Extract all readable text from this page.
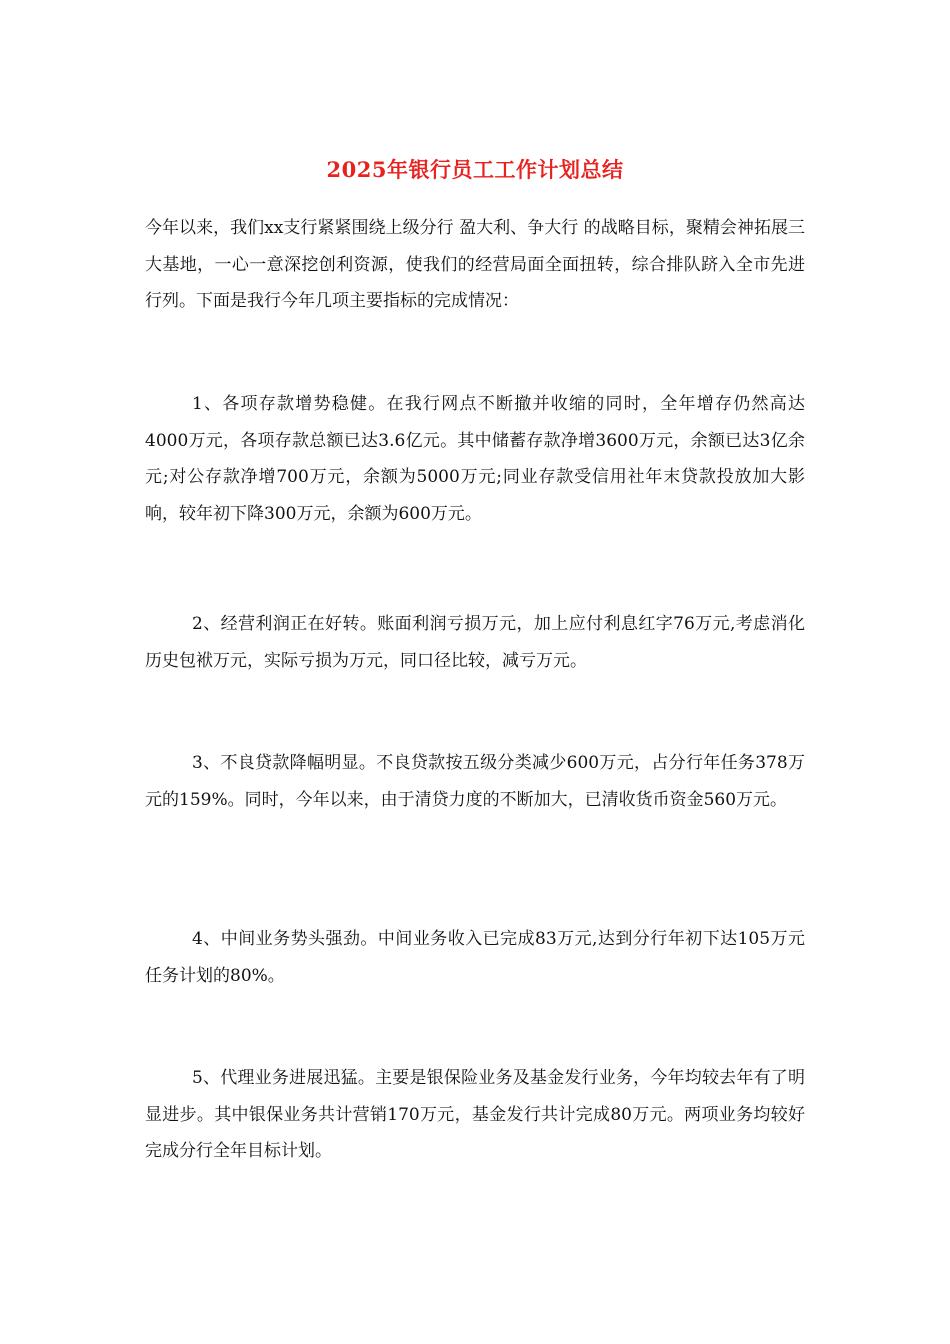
2025年银行员工工作计划总结

今年以来，我们xx支行紧紧围绕上级分行 盈大利、争大行 的战略目标，聚精会神拓展三大基地，一心一意深挖创利资源，使我们的经营局面全面扭转，综合排队跻入全市先进行列。下面是我行今年几项主要指标的完成情况：

1、各项存款增势稳健。在我行网点不断撤并收缩的同时，全年增存仍然高达4000万元，各项存款总额已达3.6亿元。其中储蓄存款净增3600万元，余额已达3亿余元;对公存款净增700万元，余额为5000万元;同业存款受信用社年末贷款投放加大影响，较年初下降300万元，余额为600万元。

2、经营利润正在好转。账面利润亏损万元，加上应付利息红字76万元,考虑消化历史包袱万元，实际亏损为万元，同口径比较，减亏万元。

3、不良贷款降幅明显。不良贷款按五级分类减少600万元，占分行年任务378万元的159%。同时，今年以来，由于清贷力度的不断加大，已清收货币资金560万元。

4、中间业务势头强劲。中间业务收入已完成83万元,达到分行年初下达105万元任务计划的80%。

5、代理业务进展迅猛。主要是银保险业务及基金发行业务，今年均较去年有了明显进步。其中银保业务共计营销170万元，基金发行共计完成80万元。两项业务均较好完成分行全年目标计划。
